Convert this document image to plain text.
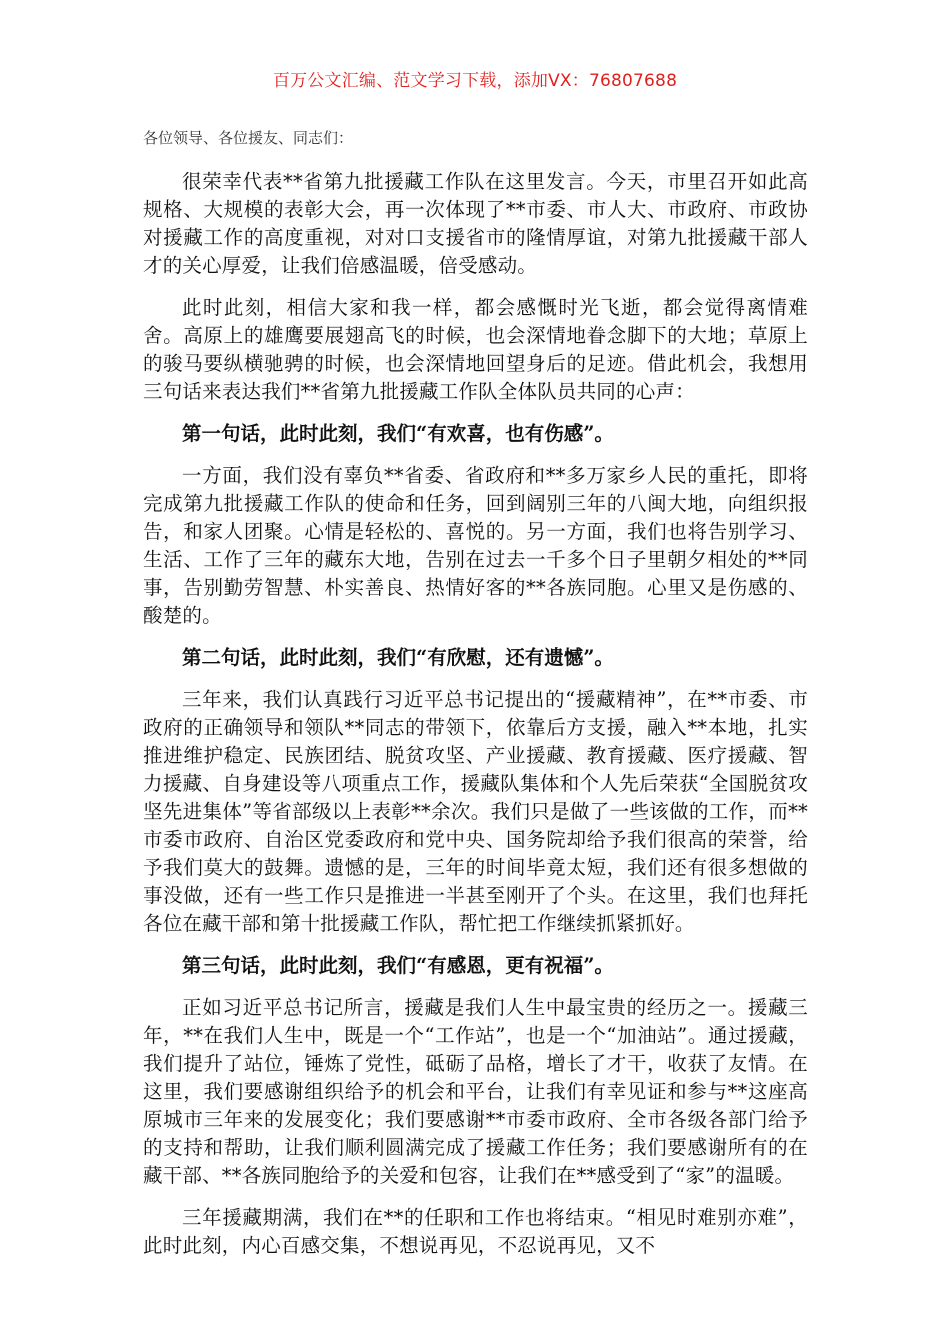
百万公文汇编、范文学习下载，添加VX：76807688
各位领导、各位援友、同志们：

很荣幸代表**省第九批援藏工作队在这里发言。今天，市里召开如此高规格、大规模的表彰大会，再一次体现了**市委、市人大、市政府、市政协对援藏工作的高度重视，对对口支援省市的隆情厚谊，对第九批援藏干部人才的关心厚爱，让我们倍感温暖，倍受感动。

此时此刻，相信大家和我一样，都会感慨时光飞逝，都会觉得离情难舍。高原上的雄鹰要展翅高飞的时候，也会深情地眷念脚下的大地；草原上的骏马要纵横驰骋的时候，也会深情地回望身后的足迹。借此机会，我想用三句话来表达我们**省第九批援藏工作队全体队员共同的心声：

第一句话，此时此刻，我们“有欢喜，也有伤感”。

一方面，我们没有辜负**省委、省政府和**多万家乡人民的重托，即将完成第九批援藏工作队的使命和任务，回到阔别三年的八闽大地，向组织报告，和家人团聚。心情是轻松的、喜悦的。另一方面，我们也将告别学习、生活、工作了三年的藏东大地，告别在过去一千多个日子里朝夕相处的**同事，告别勤劳智慧、朴实善良、热情好客的**各族同胞。心里又是伤感的、酸楚的。

第二句话，此时此刻，我们“有欣慰，还有遗憾”。

三年来，我们认真践行习近平总书记提出的“援藏精神”，在**市委、市政府的正确领导和领队**同志的带领下，依靠后方支援，融入**本地，扎实推进维护稳定、民族团结、脱贫攻坚、产业援藏、教育援藏、医疗援藏、智力援藏、自身建设等八项重点工作，援藏队集体和个人先后荣获“全国脱贫攻坚先进集体”等省部级以上表彰**余次。我们只是做了一些该做的工作，而**市委市政府、自治区党委政府和党中央、国务院却给予我们很高的荣誉，给予我们莫大的鼓舞。遗憾的是，三年的时间毕竟太短，我们还有很多想做的事没做，还有一些工作只是推进一半甚至刚开了个头。在这里，我们也拜托各位在藏干部和第十批援藏工作队，帮忙把工作继续抓紧抓好。

第三句话，此时此刻，我们“有感恩，更有祝福”。

正如习近平总书记所言，援藏是我们人生中最宝贵的经历之一。援藏三年，**在我们人生中，既是一个“工作站”，也是一个“加油站”。通过援藏，我们提升了站位，锤炼了党性，砥砺了品格，增长了才干，收获了友情。在这里，我们要感谢组织给予的机会和平台，让我们有幸见证和参与**这座高原城市三年来的发展变化；我们要感谢**市委市政府、全市各级各部门给予的支持和帮助，让我们顺利圆满完成了援藏工作任务；我们要感谢所有的在藏干部、**各族同胞给予的关爱和包容，让我们在**感受到了“家”的温暖。

三年援藏期满，我们在**的任职和工作也将结束。“相见时难别亦难”，此时此刻，内心百感交集，不想说再见，不忍说再见，又不
